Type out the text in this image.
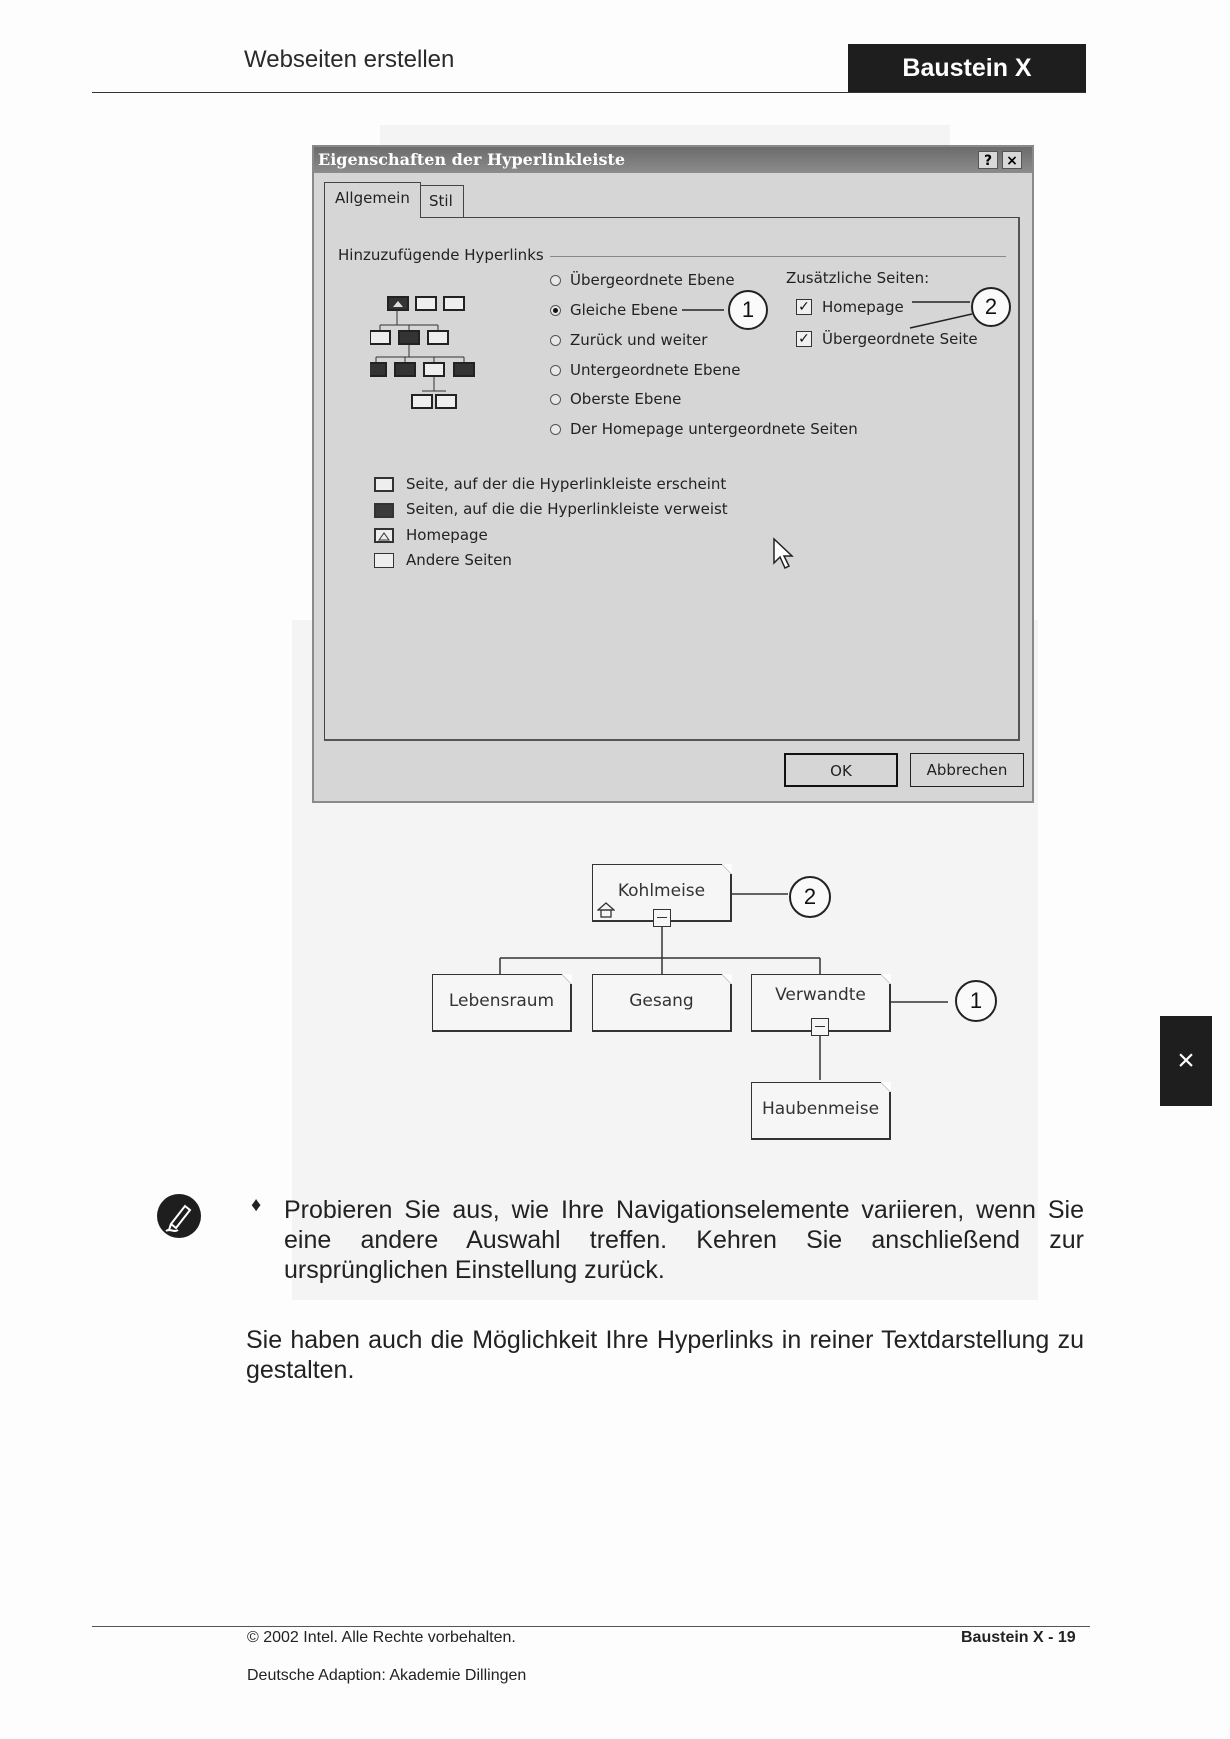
Webseiten erstellen	Baustein X
Eigenschaften der Hyperlinkleiste	?	×
Allgemein	Stil
Hinzuzufügende Hyperlinks
Übergeordnete Ebene
Gleiche Ebene
Zurück und weiter
Untergeordnete Ebene
Oberste Ebene
Der Homepage untergeordnete Seiten
Zusätzliche Seiten:
✓ Homepage
✓ Übergeordnete Seite
Seite, auf der die Hyperlinkleiste erscheint
Seiten, auf die die Hyperlinkleiste verweist
Homepage
Andere Seiten
OK	Abbrechen
1	2
Kohlmeise
Lebensraum	Gesang	Verwandte
Haubenmeise
2
1
×
♦ Probieren Sie aus, wie Ihre Navigationselemente variieren, wenn Sie eine andere Auswahl treffen. Kehren Sie anschließend zur ursprünglichen Einstellung zurück.
Sie haben auch die Möglichkeit Ihre Hyperlinks in reiner Textdarstellung zu gestalten.
© 2002 Intel. Alle Rechte vorbehalten.	Baustein X - 19
Deutsche Adaption: Akademie Dillingen
